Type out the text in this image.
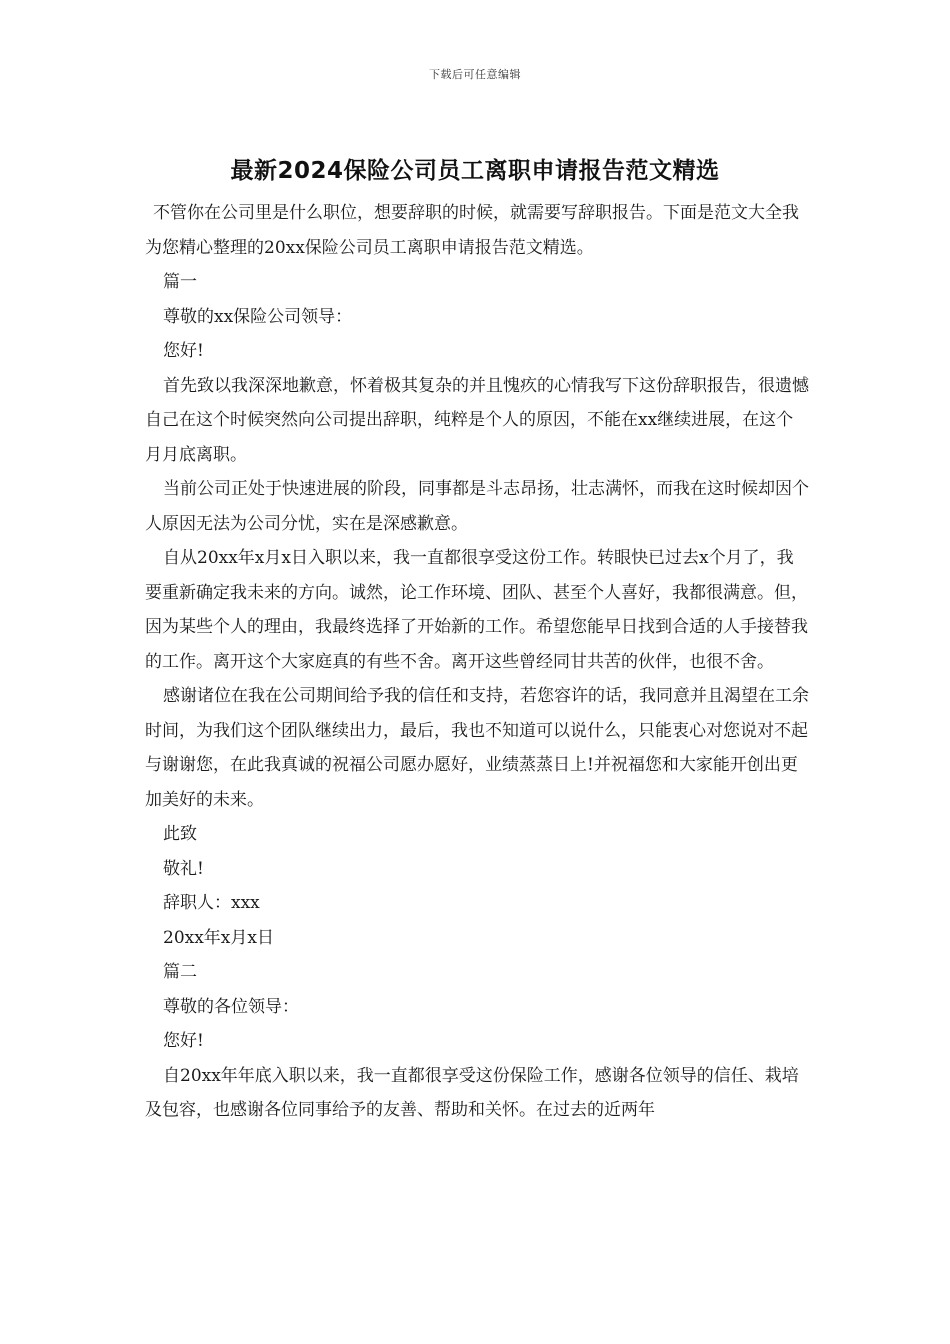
下载后可任意编辑
最新2024保险公司员工离职申请报告范文精选

不管你在公司里是什么职位，想要辞职的时候，就需要写辞职报告。下面是范文大全我为您精心整理的20xx保险公司员工离职申请报告范文精选。

篇一

尊敬的xx保险公司领导：

您好!

首先致以我深深地歉意，怀着极其复杂的并且愧疚的心情我写下这份辞职报告，很遗憾自己在这个时候突然向公司提出辞职，纯粹是个人的原因，不能在xx继续进展，在这个月月底离职。

当前公司正处于快速进展的阶段，同事都是斗志昂扬，壮志满怀，而我在这时候却因个人原因无法为公司分忧，实在是深感歉意。

自从20xx年x月x日入职以来，我一直都很享受这份工作。转眼快已过去x个月了，我要重新确定我未来的方向。诚然，论工作环境、团队、甚至个人喜好，我都很满意。但，因为某些个人的理由，我最终选择了开始新的工作。希望您能早日找到合适的人手接替我的工作。离开这个大家庭真的有些不舍。离开这些曾经同甘共苦的伙伴，也很不舍。

感谢诸位在我在公司期间给予我的信任和支持，若您容许的话，我同意并且渴望在工余时间，为我们这个团队继续出力，最后，我也不知道可以说什么，只能衷心对您说对不起与谢谢您，在此我真诚的祝福公司愿办愿好，业绩蒸蒸日上!并祝福您和大家能开创出更加美好的未来。

此致

敬礼!

辞职人：xxx

20xx年x月x日

篇二

尊敬的各位领导：

您好!

自20xx年年底入职以来，我一直都很享受这份保险工作，感谢各位领导的信任、栽培及包容，也感谢各位同事给予的友善、帮助和关怀。在过去的近两年
